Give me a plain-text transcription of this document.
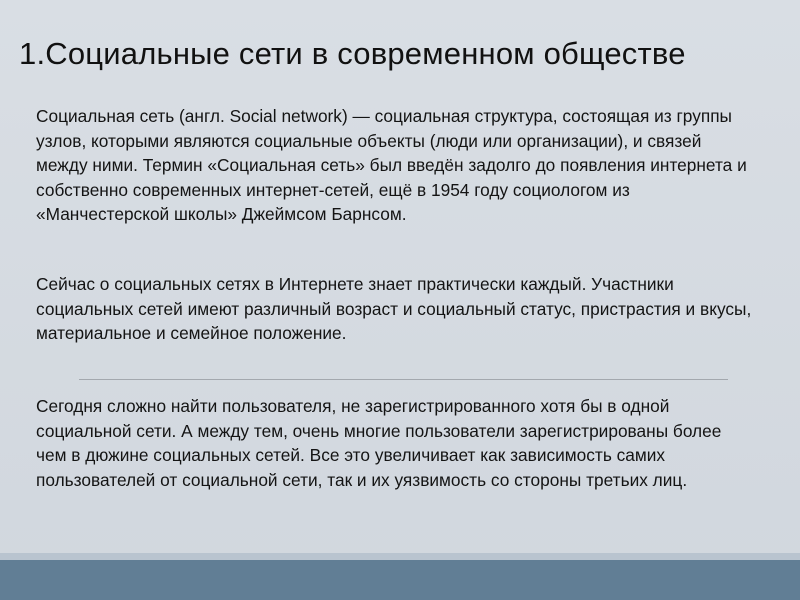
1.Социальные сети в современном обществе
Социальная сеть (англ. Social network) — социальная структура, состоящая из группы узлов, которыми являются социальные объекты (люди или организации), и связей между ними. Термин «Социальная сеть» был введён задолго до появления интернета и собственно современных интернет-сетей, ещё в 1954 году социологом из «Манчестерской школы» Джеймсом Барнсом.
Сейчас о социальных сетях в Интернете знает практически каждый. Участники социальных сетей имеют различный возраст и социальный статус, пристрастия и вкусы, материальное и семейное положение.
Сегодня сложно найти пользователя, не зарегистрированного хотя бы в одной социальной сети. А между тем, очень многие пользователи зарегистрированы более чем в дюжине социальных сетей. Все это увеличивает как зависимость самих пользователей от социальной сети, так и их уязвимость со стороны третьих лиц.
